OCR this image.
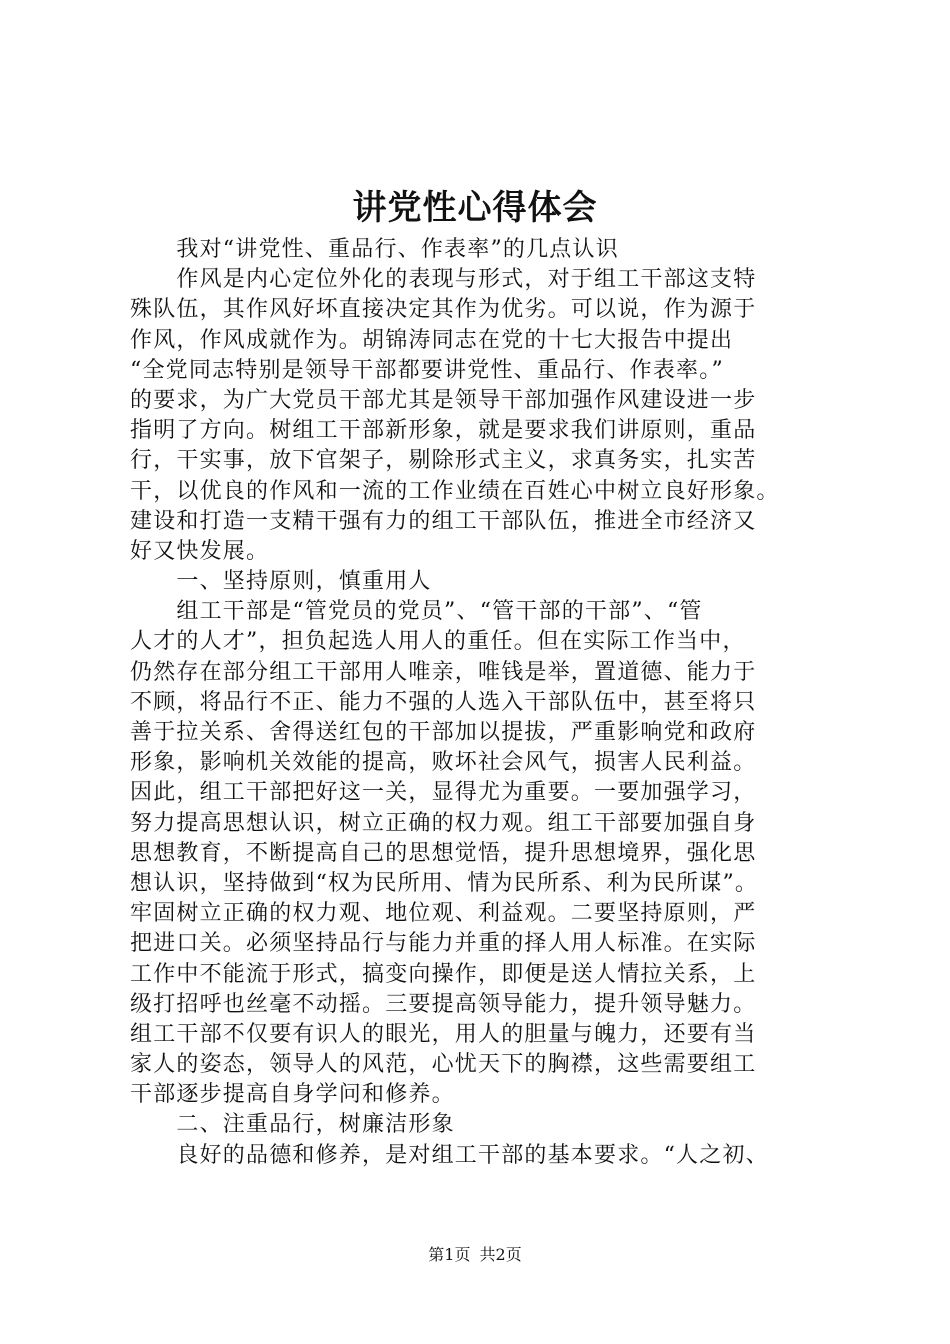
讲党性心得体会
　　我对“讲党性、重品行、作表率”的几点认识
　　作风是内心定位外化的表现与形式，对于组工干部这支特
殊队伍，其作风好坏直接决定其作为优劣。可以说，作为源于
作风，作风成就作为。胡锦涛同志在党的十七大报告中提出
“全党同志特别是领导干部都要讲党性、重品行、作表率。”
的要求，为广大党员干部尤其是领导干部加强作风建设进一步
指明了方向。树组工干部新形象，就是要求我们讲原则，重品
行，干实事，放下官架子，剔除形式主义，求真务实，扎实苦
干，以优良的作风和一流的工作业绩在百姓心中树立良好形象。
建设和打造一支精干强有力的组工干部队伍，推进全市经济又
好又快发展。
　　一、坚持原则，慎重用人
　　组工干部是“管党员的党员”、“管干部的干部”、“管
人才的人才”，担负起选人用人的重任。但在实际工作当中，
仍然存在部分组工干部用人唯亲，唯钱是举，置道德、能力于
不顾，将品行不正、能力不强的人选入干部队伍中，甚至将只
善于拉关系、舍得送红包的干部加以提拔，严重影响党和政府
形象，影响机关效能的提高，败坏社会风气，损害人民利益。
因此，组工干部把好这一关，显得尤为重要。一要加强学习，
努力提高思想认识，树立正确的权力观。组工干部要加强自身
思想教育，不断提高自己的思想觉悟，提升思想境界，强化思
想认识，坚持做到“权为民所用、情为民所系、利为民所谋”。
牢固树立正确的权力观、地位观、利益观。二要坚持原则，严
把进口关。必须坚持品行与能力并重的择人用人标准。在实际
工作中不能流于形式，搞变向操作，即便是送人情拉关系，上
级打招呼也丝毫不动摇。三要提高领导能力，提升领导魅力。
组工干部不仅要有识人的眼光，用人的胆量与魄力，还要有当
家人的姿态，领导人的风范，心忧天下的胸襟，这些需要组工
干部逐步提高自身学问和修养。
　　二、注重品行，树廉洁形象
　　良好的品德和修养，是对组工干部的基本要求。“人之初、
第1页 共2页
